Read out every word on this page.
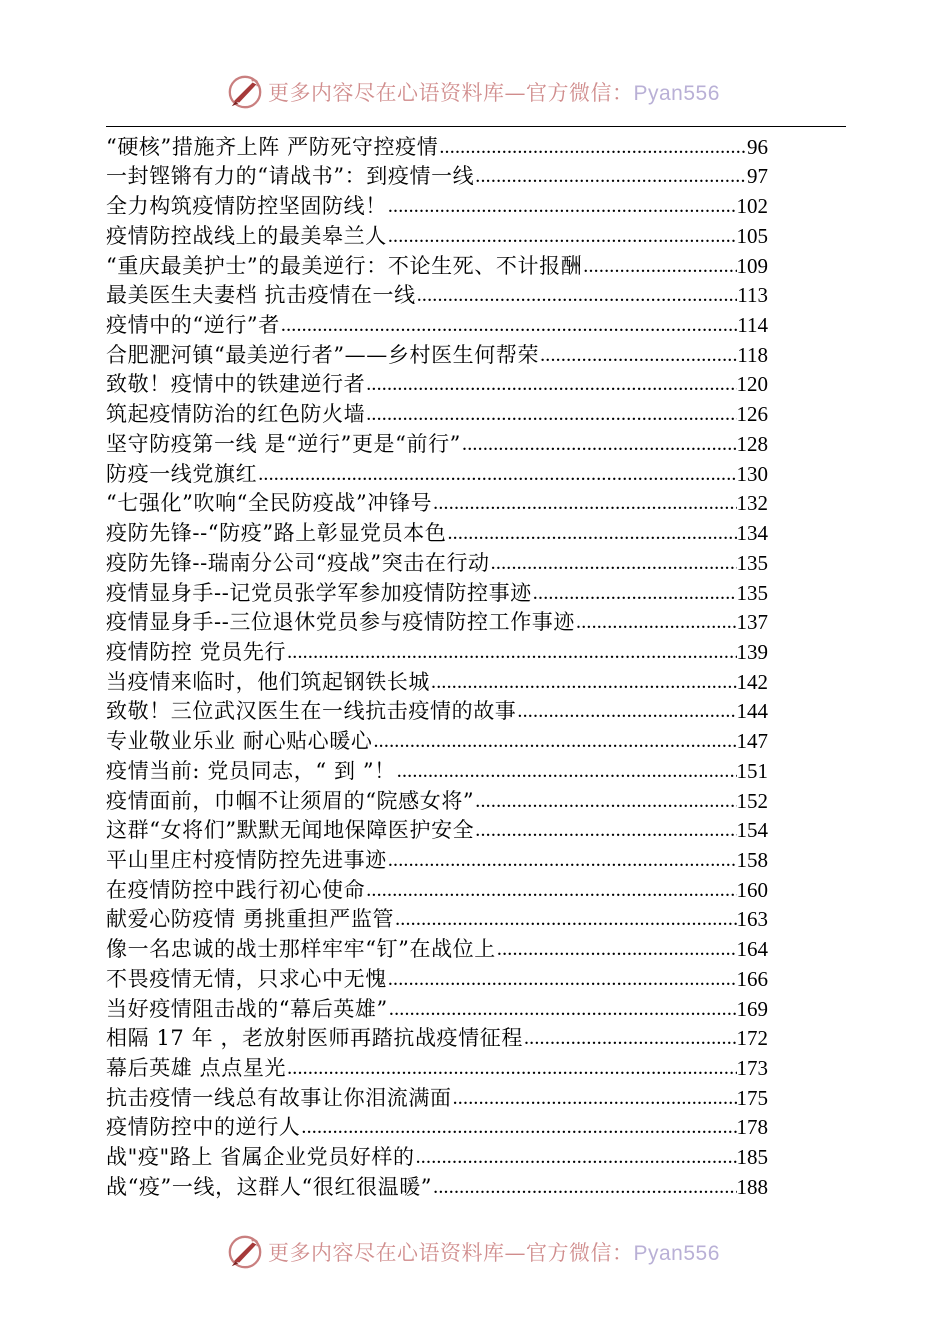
更多内容尽在心语资料库—官方微信：Pyan556
“硬核”措施齐上阵 严防死守控疫情 .....	96
一封铿锵有力的“请战书”：到疫情一线 .....	97
全力构筑疫情防控坚固防线！ .....	102
疫情防控战线上的最美皋兰人 .....	105
“重庆最美护士”的最美逆行：不论生死、不计报酬 .....	109
最美医生夫妻档 抗击疫情在一线 .....	113
疫情中的“逆行”者 .....	114
合肥淝河镇“最美逆行者”——乡村医生何帮荣 .....	118
致敬！疫情中的铁建逆行者 .....	120
筑起疫情防治的红色防火墙 .....	126
坚守防疫第一线 是“逆行”更是“前行” .....	128
防疫一线党旗红 .....	130
“七强化”吹响“全民防疫战”冲锋号 .....	132
疫防先锋--“防疫”路上彰显党员本色 .....	134
疫防先锋--瑞南分公司“疫战”突击在行动 .....	135
疫情显身手--记党员张学军参加疫情防控事迹 .....	135
疫情显身手--三位退休党员参与疫情防控工作事迹 .....	137
疫情防控 党员先行 .....	139
当疫情来临时，他们筑起钢铁长城 .....	142
致敬！三位武汉医生在一线抗击疫情的故事 .....	144
专业敬业乐业 耐心贴心暖心 .....	147
疫情当前: 党员同志，“ 到 ”！ .....	151
疫情面前，巾帼不让须眉的“院感女将” .....	152
这群“女将们”默默无闻地保障医护安全 .....	154
平山里庄村疫情防控先进事迹 .....	158
在疫情防控中践行初心使命 .....	160
献爱心防疫情 勇挑重担严监管 .....	163
像一名忠诚的战士那样牢牢“钉”在战位上 .....	164
不畏疫情无情，只求心中无愧 .....	166
当好疫情阻击战的“幕后英雄” .....	169
相隔 17 年 ，老放射医师再踏抗战疫情征程 .....	172
幕后英雄 点点星光 .....	173
抗击疫情一线总有故事让你泪流满面 .....	175
疫情防控中的逆行人 .....	178
战"疫"路上 省属企业党员好样的 .....	185
战“疫”一线，这群人“很红很温暖” .....	188
更多内容尽在心语资料库—官方微信：Pyan556
